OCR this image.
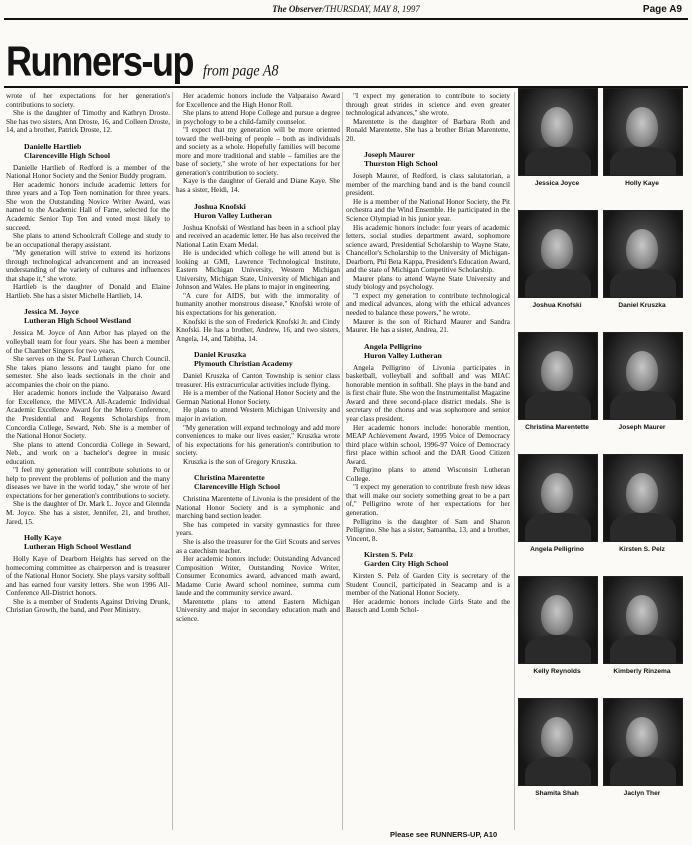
The Observer/THURSDAY, MAY 8, 1997	Page A9
Runners-up from page A8

wrote of her expectations for her generation's contributions to society.

She is the daughter of Timothy and Kathryn Droste. She has two sisters, Ann Droste, 16, and Colleen Droste, 14, and a brother, Patrick Droste, 12.

Danielle Hartlieb
Clarenceville High School

Danielle Hartlieb of Redford is a member of the National Honor Society and the Senior Buddy program.

Her academic honors include academic letters for three years and a Top Teen nomination for three years. She won the Outstanding Novice Writer Award, was named to the Academic Hall of Fame, selected for the Academic Senior Top Ten and voted most likely to succeed.

She plans to attend Schoolcraft College and study to be an occupational therapy assistant.

"My generation will strive to extend its horizons through technological advancement and an increased understanding of the variety of cultures and influences that shape it," she wrote.

Hartlieb is the daughter of Donald and Elaine Hartlieb. She has a sister Michelle Hartlieb, 14.

Jessica M. Joyce
Lutheran High School Westland

Jessica M. Joyce of Ann Arbor has played on the volleyball team for four years. She has been a member of the Chamber Singers for two years.

She serves on the St. Paul Lutheran Church Council. She takes piano lessons and taught piano for one semester. She also leads sectionals in the choir and accompanies the choir on the piano.

Her academic honors include the Valparaiso Award for Excellence, the MIVCA All-Academic Individual Academic Excellence Award for the Metro Conference, the Presidential and Regents Scholarships from Concordia College, Seward, Neb. She is a member of the National Honor Society.

She plans to attend Concordia College in Seward, Neb., and work on a bachelor's degree in music education.

"I feel my generation will contribute solutions to or help to prevent the problems of pollution and the many diseases we have in the world today," she wrote of her expectations for her generation's contributions to society.

She is the daughter of Dr. Mark L. Joyce and Glennda M. Joyce. She has a sister, Jennifer, 21, and brother, Jared, 15.

Holly Kaye
Lutheran High School Westland

Holly Kaye of Dearborn Heights has served on the homecoming committee as chairperson and is treasurer of the National Honor Society. She plays varsity softball and has earned four varsity letters. She won 1996 All-Conference All-District honors.

She is a member of Students Against Driving Drunk, Christian Growth, the band, and Peer Ministry.

Her academic honors include the Valparaiso Award for Excellence and the High Honor Roll.

She plans to attend Hope College and pursue a degree in psychology to be a child-family counselor.

"I expect that my generation will be more oriented toward the well-being of people – both as individuals and society as a whole. Hopefully families will become more and more traditional and stable – families are the base of society," she wrote of her expectations for her generation's contribution to society.

Kaye is the daughter of Gerald and Diane Kaye. She has a sister, Heidi, 14.

Joshua Knofski
Huron Valley Lutheran

Joshua Knofski of Westland has been in a school play and received an academic letter. He has also received the National Latin Exam Medal.

He is undecided which college he will attend but is looking at GMI, Lawrence Technological Institute, Eastern Michigan University, Western Michigan University, Michigan State, University of Michigan and Johnson and Wales. He plans to major in engineering.

"A cure for AIDS, but with the immorality of humanity another monstrous disease," Knofski wrote of his expectations for his generation.

Knofski is the son of Frederick Knofski Jr. and Cindy Knofski. He has a brother, Andrew, 16, and two sisters, Angela, 14, and Tabitha, 14.

Daniel Kruszka
Plymouth Christian Academy

Daniel Kruszka of Canton Township is senior class treasurer. His extracurricular activities include flying.

He is a member of the National Honor Society and the German National Honor Society.

He plans to attend Western Michigan University and major in aviation.

"My generation will expand technology and add more conveniences to make our lives easier," Kruszka wrote of his expectations for his generation's contribution to society.

Kruszka is the son of Gregory Kruszka.

Christina Marentette
Clarenceville High School

Christina Marentette of Livonia is the president of the National Honor Society and is a symphonic and marching band section leader.

She has competed in varsity gymnastics for three years.

She is also the treasurer for the Girl Scouts and serves as a catechism teacher.

Her academic honors include: Outstanding Advanced Composition Writer, Outstanding Novice Writer, Consumer Economics award, advanced math award, Madame Curie Award school nominee, summa cum laude and the community service award.

Marentette plans to attend Eastern Michigan University and major in secondary education math and science.

"I expect my generation to contribute to society through great strides in science and even greater technological advances," she wrote.

Marentette is the daughter of Barbara Roth and Ronald Marentette. She has a brother Brian Marentette, 20.

Joseph Maurer
Thurston High School

Joseph Maurer, of Redford, is class salutatorian, a member of the marching band and is the band council president.

He is a member of the National Honor Society, the Pit orchestra and the Wind Ensemble. He participated in the Science Olympiad in his junior year.

His academic honors include: four years of academic letters, social studies department award, sophomore science award, Presidential Scholarship to Wayne State, Chancellor's Scholarship to the University of Michigan-Dearborn, Phi Beta Kappa, President's Education Award, and the state of Michigan Competitive Scholarship.

Maurer plans to attend Wayne State University and study biology and psychology.

"I expect my generation to contribute technological and medical advances, along with the ethical advances needed to balance these powers," he wrote.

Maurer is the son of Richard Maurer and Sandra Maurer. He has a sister, Andrea, 21.

Angela Pelligrino
Huron Valley Lutheran

Angela Pelligrino of Livonia participates in basketball, volleyball and softball and was MIAC honorable mention in softball. She plays in the band and is first chair flute. She won the Instrumentalist Magazine Award and three second-place district medals. She is secretary of the chorus and was sophomore and senior year class president.

Her academic honors include: honorable mention, MEAP Achievement Award, 1995 Voice of Democracy third place within school, 1996-97 Voice of Democracy first place within school and the DAR Good Citizen Award.

Pelligrino plans to attend Wisconsin Lutheran College.

"I expect my generation to contribute fresh new ideas that will make our society something great to be a part of," Pelligrino wrote of her expectations for her generation.

Pelligrino is the daughter of Sam and Sharon Pelligrino. She has a sister, Samantha, 13, and a brother, Vincent, 8.

Kirsten S. Pelz
Garden City High School

Kirsten S. Pelz of Garden City is secretary of the Student Council, participated in Seacamp and is a member of the National Honor Society.

Her academic honors include Girls State and the Bausch and Lomb Schol-

Please see RUNNERS-UP, A10
Jessica Joyce	Holly Kaye
Joshua Knofski	Daniel Kruszka
Christina Marentette	Joseph Maurer
Angela Pelligrino	Kirsten S. Pelz
Kelly Reynolds	Kimberly Rinzema
Shamita Shah	Jaclyn Ther
